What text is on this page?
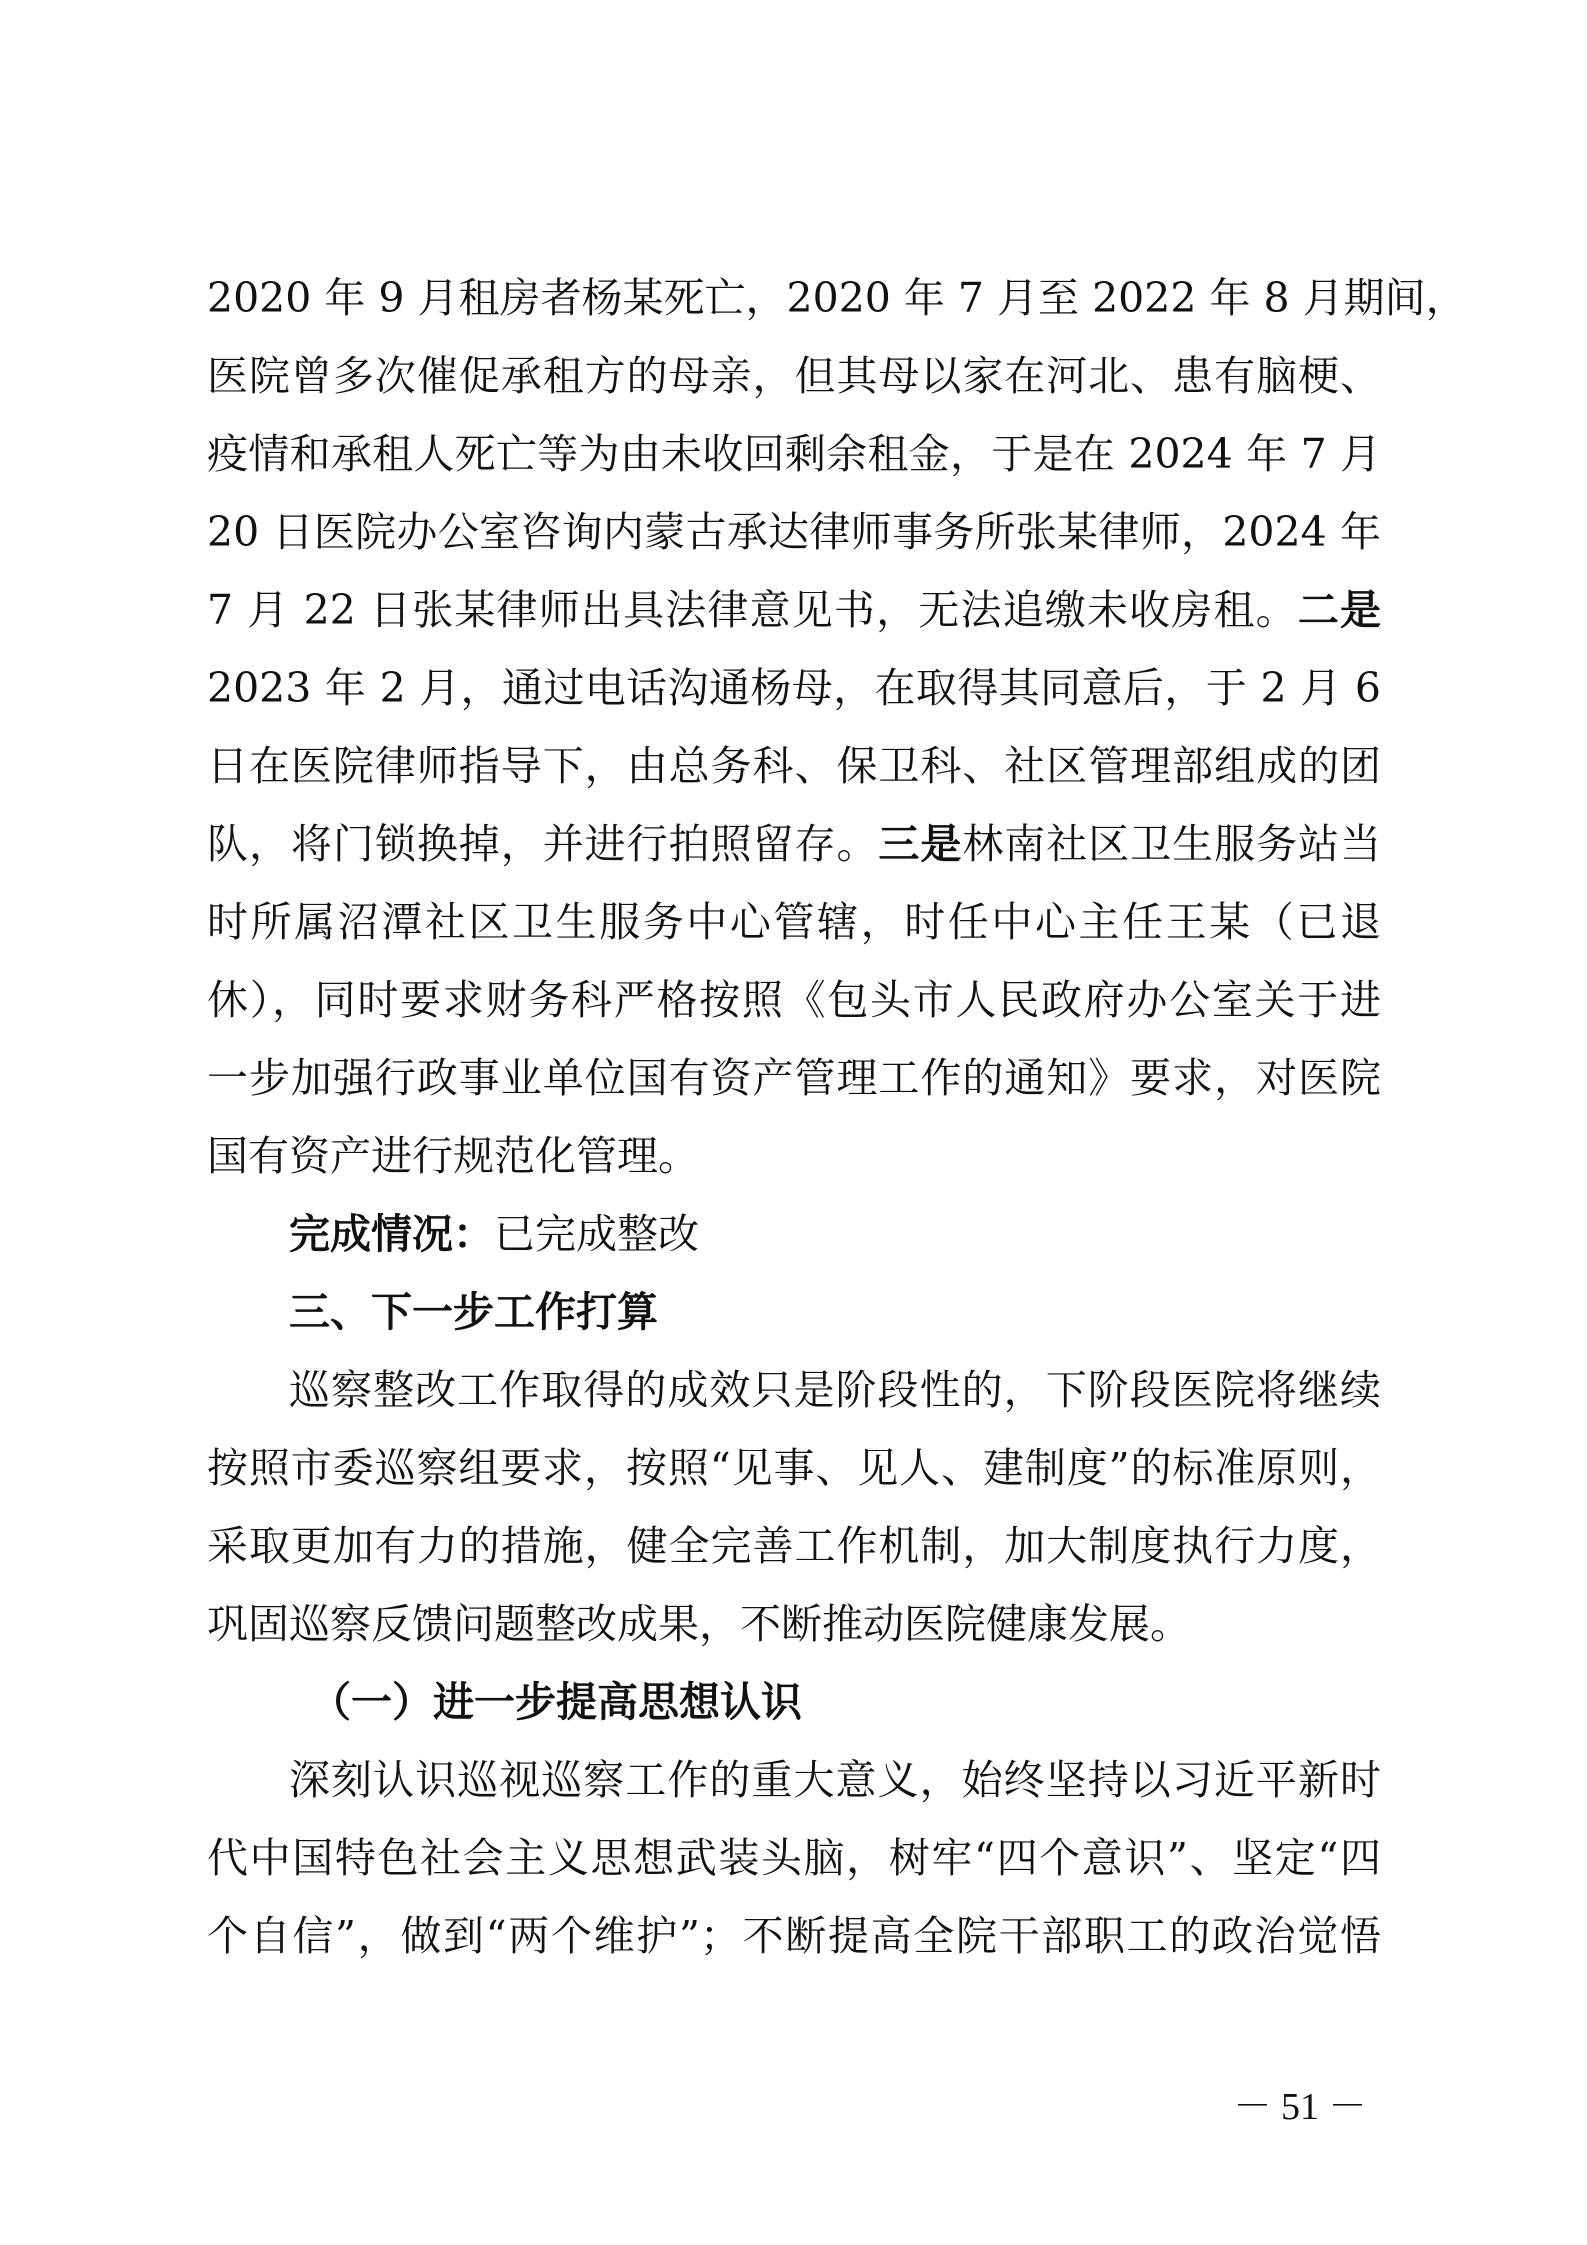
2020 年 9 月租房者杨某死亡，2020 年 7 月至 2022 年 8 月期间，
医院曾多次催促承租方的母亲，但其母以家在河北、患有脑梗、
疫情和承租人死亡等为由未收回剩余租金，于是在 2024 年 7 月
20 日医院办公室咨询内蒙古承达律师事务所张某律师，2024 年
7 月 22 日张某律师出具法律意见书，无法追缴未收房租。二是
2023 年 2 月，通过电话沟通杨母，在取得其同意后，于 2 月 6
日在医院律师指导下，由总务科、保卫科、社区管理部组成的团
队，将门锁换掉，并进行拍照留存。三是林南社区卫生服务站当
时所属沼潭社区卫生服务中心管辖，时任中心主任王某（已退
休），同时要求财务科严格按照《包头市人民政府办公室关于进
一步加强行政事业单位国有资产管理工作的通知》要求，对医院
国有资产进行规范化管理。
完成情况：已完成整改
三、下一步工作打算
巡察整改工作取得的成效只是阶段性的，下阶段医院将继续
按照市委巡察组要求，按照“见事、见人、建制度”的标准原则，
采取更加有力的措施，健全完善工作机制，加大制度执行力度，
巩固巡察反馈问题整改成果，不断推动医院健康发展。
（一）进一步提高思想认识
深刻认识巡视巡察工作的重大意义，始终坚持以习近平新时
代中国特色社会主义思想武装头脑，树牢“四个意识”、坚定“四
个自信”，做到“两个维护”；不断提高全院干部职工的政治觉悟
－ 51 －
